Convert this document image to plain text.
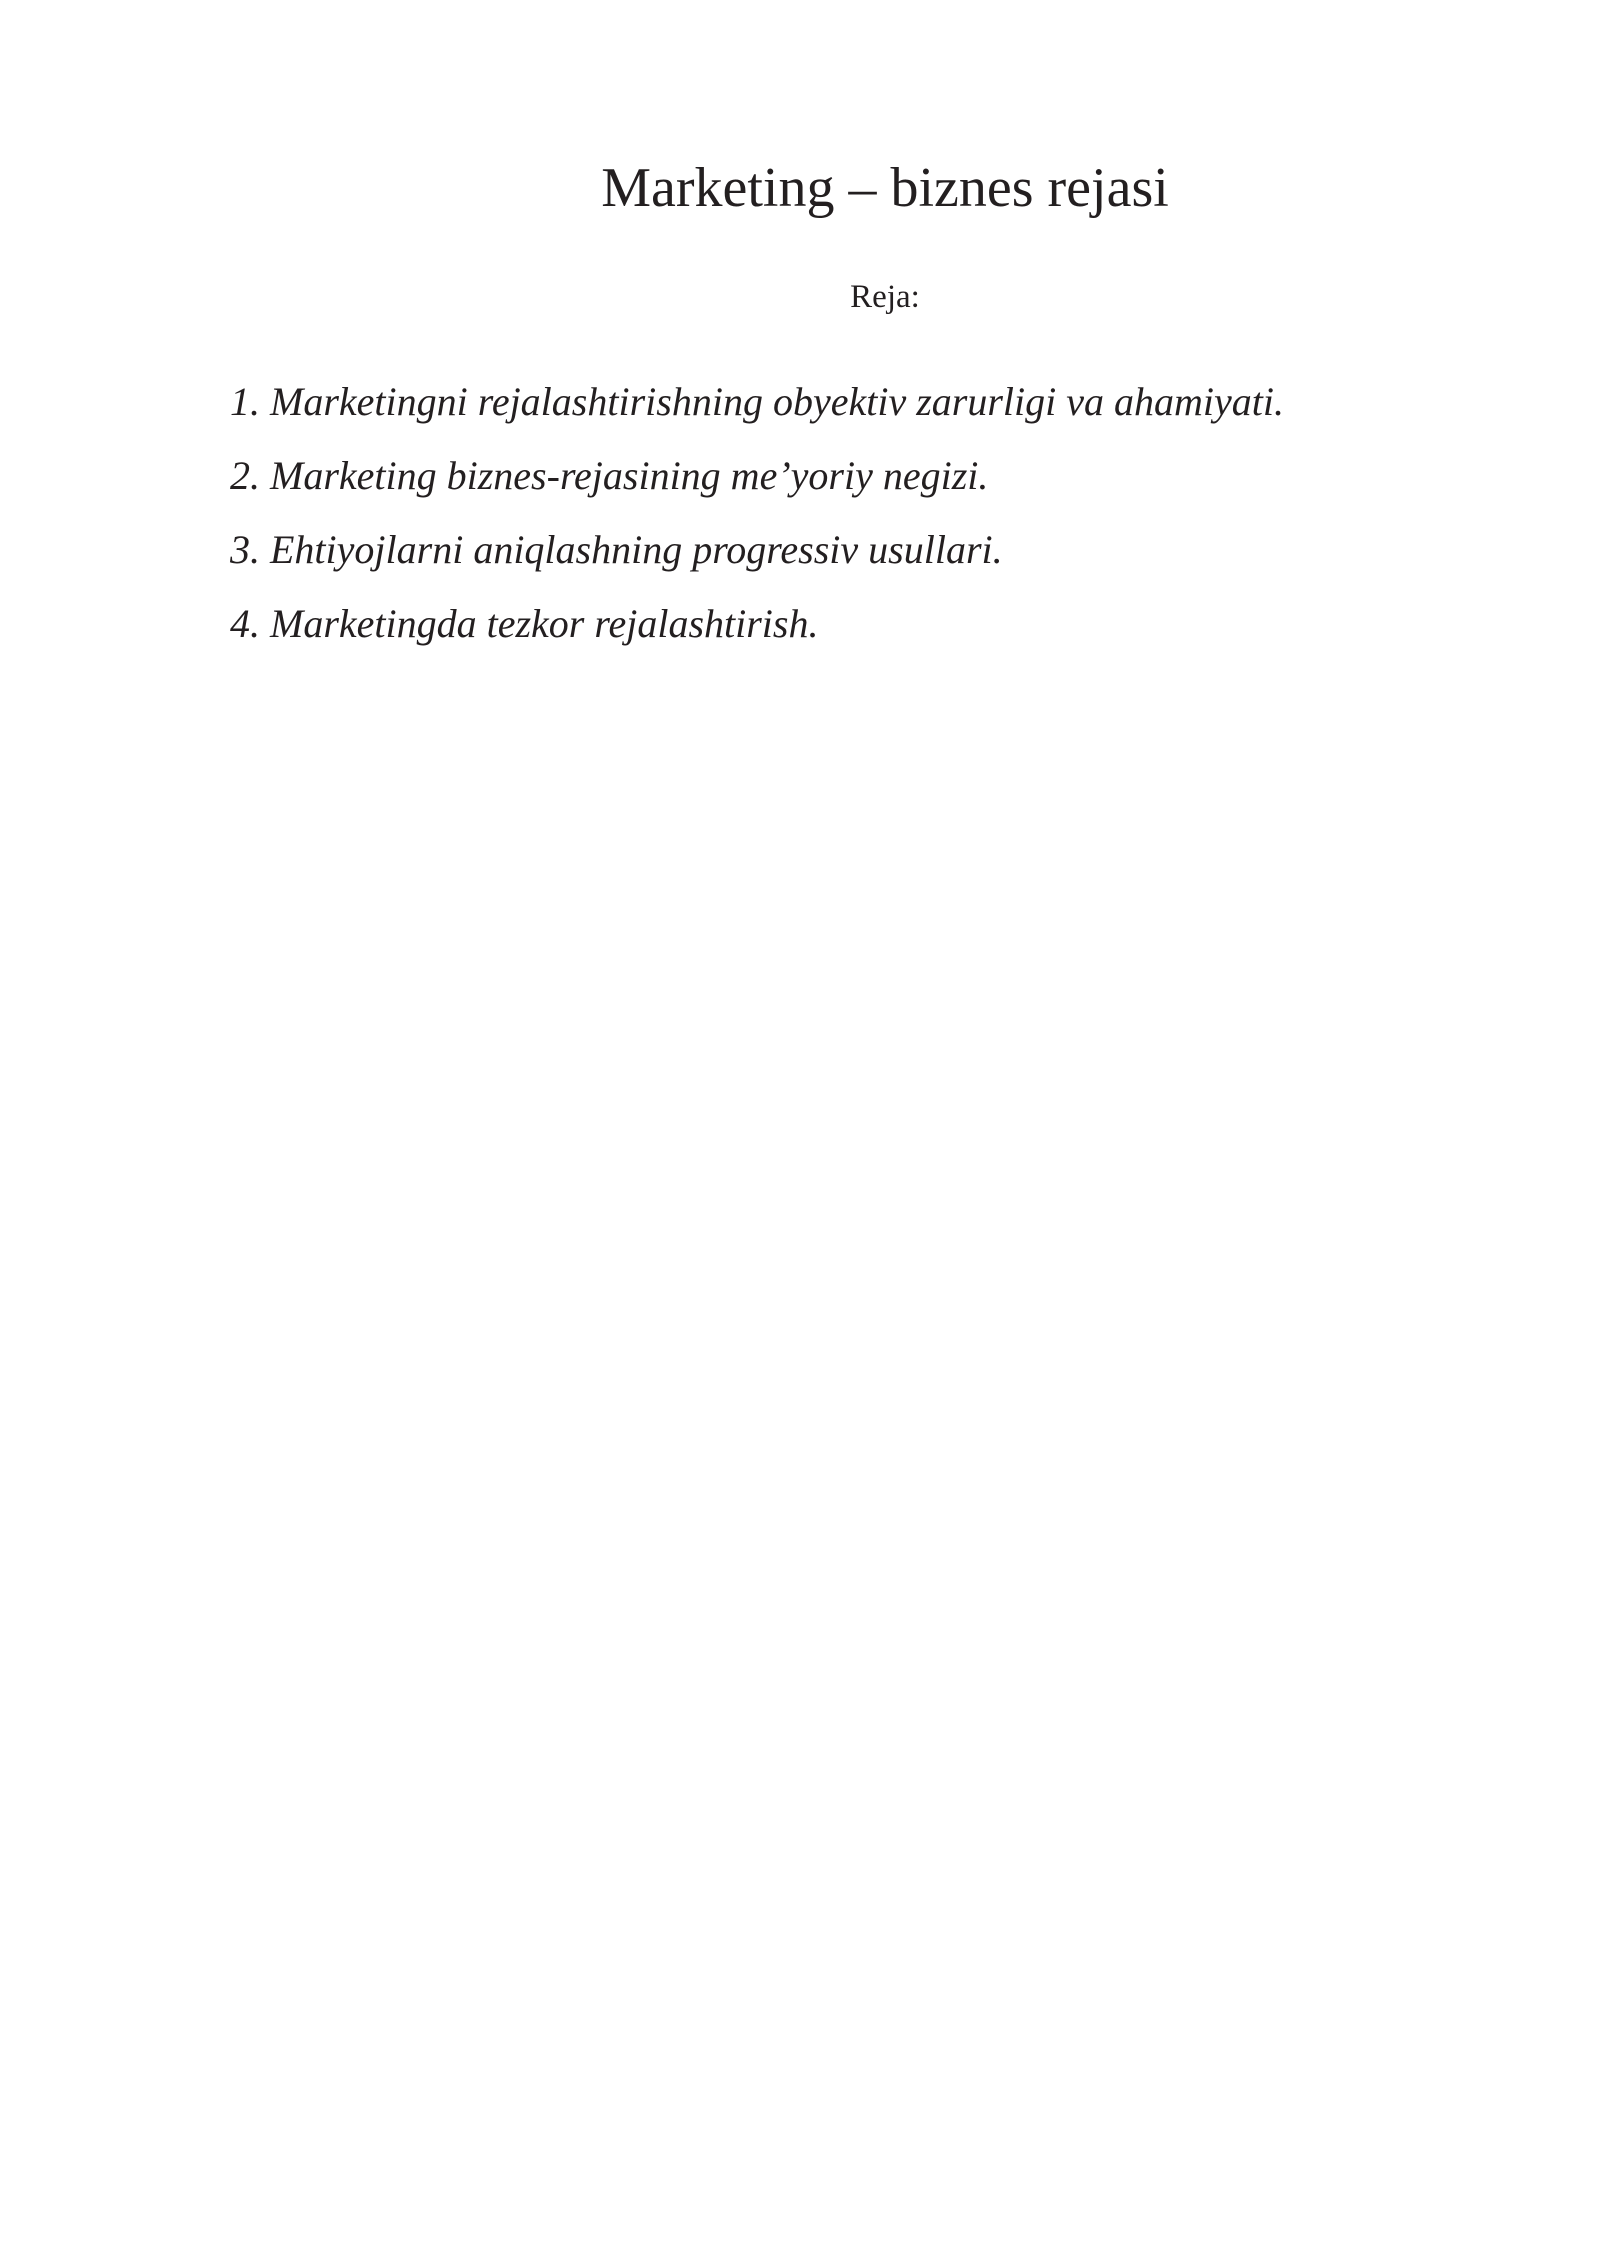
Marketing – biznes rejasi
Reja:
1. Marketingni rejalashtirishning obyektiv zarurligi va ahamiyati.
2. Marketing biznes-rejasining me’yoriy negizi.
3. Ehtiyojlarni aniqlashning progressiv usullari.
4. Marketingda tezkor rejalashtirish.
